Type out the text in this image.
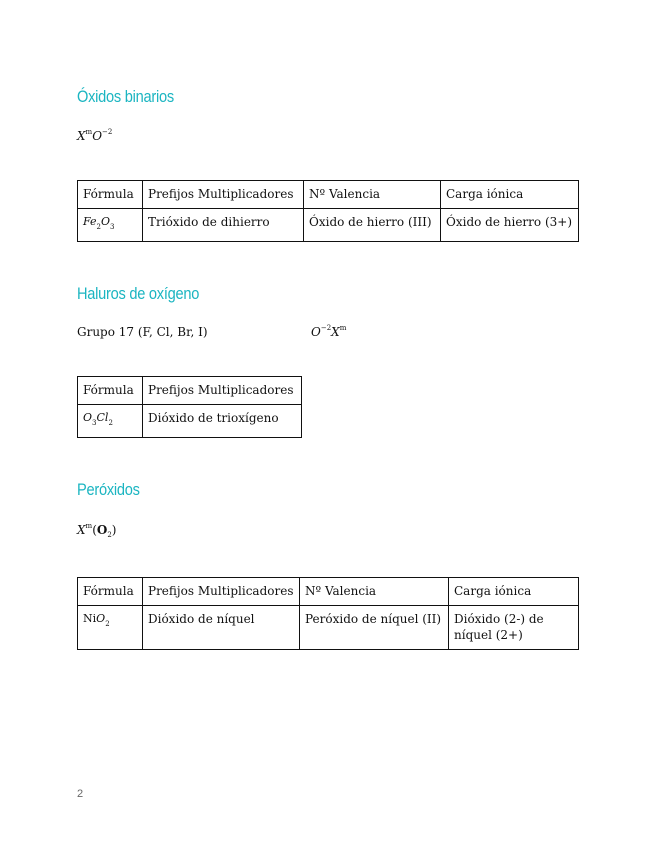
Óxidos binarios
$X^mO^{-2}$
Fórmula	Prefijos Multiplicadores	Nº Valencia	Carga iónica
$Fe_2O_3$	Trióxido de dihierro	Óxido de hierro (III)	Óxido de hierro (3+)
Haluros de oxígeno
Grupo 17 (F, Cl, Br, I)	$O^{-2}X^m$
Fórmula	Prefijos Multiplicadores
$O_3Cl_2$	Dióxido de trioxígeno
Peróxidos
$X^m(O_2)$
Fórmula	Prefijos Multiplicadores	Nº Valencia	Carga iónica
NiO$_2$	Dióxido de níquel	Peróxido de níquel (II)	Dióxido (2-) de níquel (2+)
2
